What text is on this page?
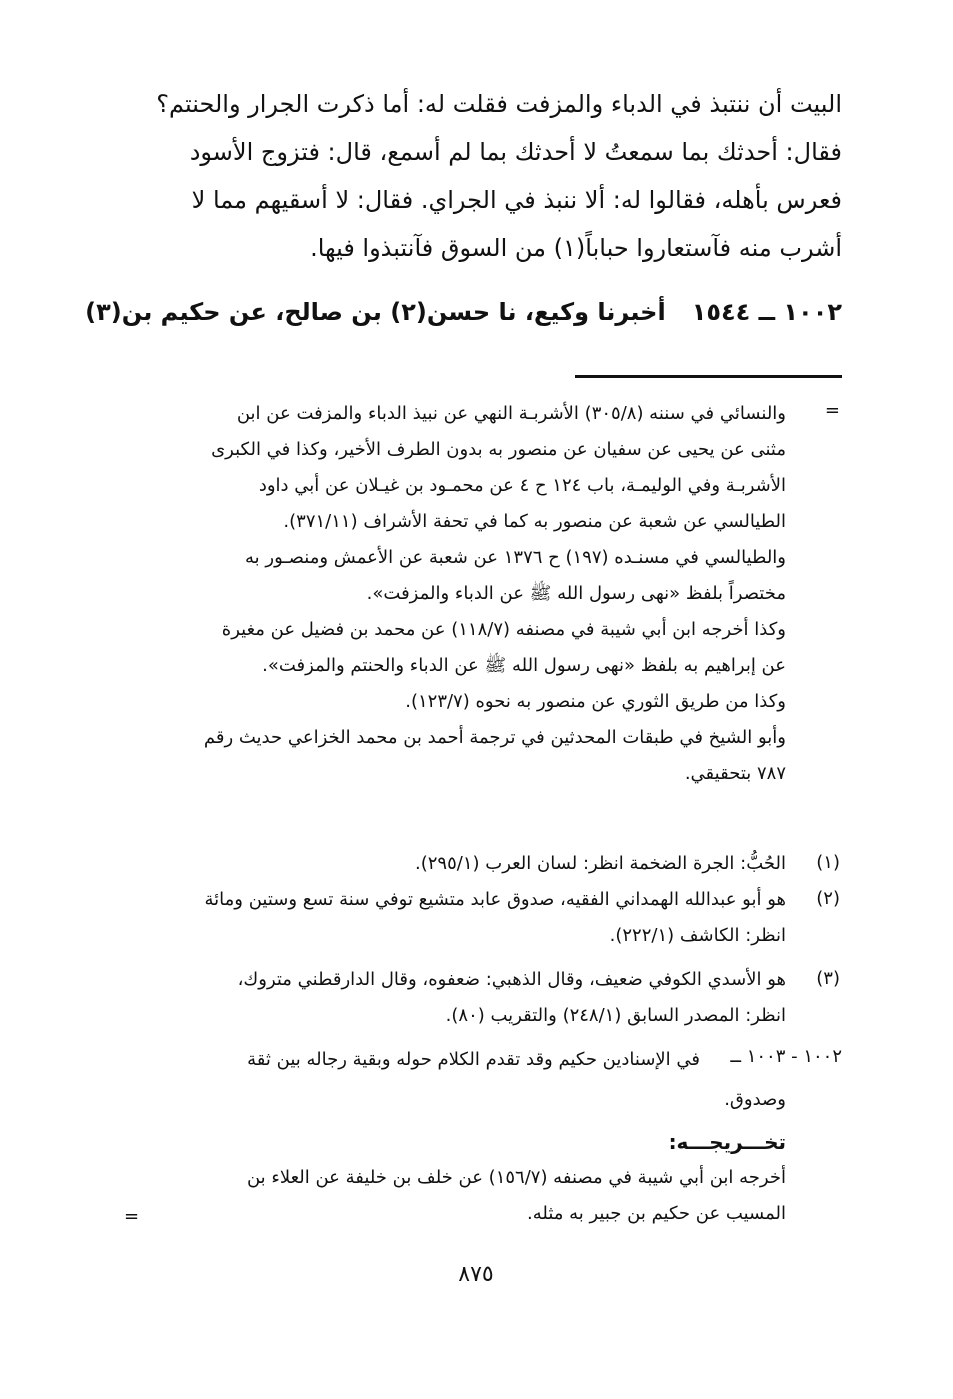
البيت أن ننتبذ في الدباء والمزفت فقلت له: أما ذكرت الجرار والحنتم؟
فقال: أحدثك بما سمعتُ لا أحدثك بما لم أسمع، قال: فتزوج الأسود
فعرس بأهله، فقالوا له: ألا ننبذ في الجراي. فقال: لا أسقيهم مما لا
أشرب منه فآستعاروا حباباً(١) من السوق فآنتبذوا فيها.
١٠٠٢ ــ ١٥٤٤أخبرنا وكيع، نا حسن(٢) بن صالح، عن حكيم بن(٣)
=
والنسائي في سننه (٣٠٥/٨) الأشربـة النهي عن نبيذ الدباء والمزفت عن ابن
مثنى عن يحيى عن سفيان عن منصور به بدون الطرف الأخير، وكذا في الكبرى
الأشربـة وفي الوليمـة، باب ١٢٤ ح ٤ عن محمـود بن غيـلان عن أبي داود
الطيالسي عن شعبة عن منصور به كما في تحفة الأشراف (٣٧١/١١).
والطيالسي في مسنـده (١٩٧) ح ١٣٧٦ عن شعبة عن الأعمش ومنصـور به
مختصراً بلفظ «نهى رسول الله ﷺ عن الدباء والمزفت».
وكذا أخرجه ابن أبي شيبة في مصنفه (١١٨/٧) عن محمد بن فضيل عن مغيرة
عن إبراهيم به بلفظ «نهى رسول الله ﷺ عن الدباء والحنتم والمزفت».
وكذا من طريق الثوري عن منصور به نحوه (١٢٣/٧).
وأبو الشيخ في طبقات المحدثين في ترجمة أحمد بن محمد الخزاعي حديث رقم
٧٨٧ بتحقيقي.
(١)
الحُبُّ: الجرة الضخمة انظر: لسان العرب (٢٩٥/١).
(٢)
هو أبو عبدالله الهمداني الفقيه، صدوق عابد متشيع توفي سنة تسع وستين ومائة
انظر: الكاشف (٢٢٢/١).
(٣)
هو الأسدي الكوفي ضعيف، وقال الذهبي: ضعفوه، وقال الدارقطني متروك،
انظر: المصدر السابق (٢٤٨/١) والتقريب (٨٠).
١٠٠٢ - ١٠٠٣ ــ
في الإسنادين حكيم وقد تقدم الكلام حوله وبقية رجاله بين ثقة
وصدوق.
تخـــريجـــه:
أخرجه ابن أبي شيبة في مصنفه (١٥٦/٧) عن خلف بن خليفة عن العلاء بن
المسيب عن حكيم بن جبير به مثله.
=
٨٧٥
